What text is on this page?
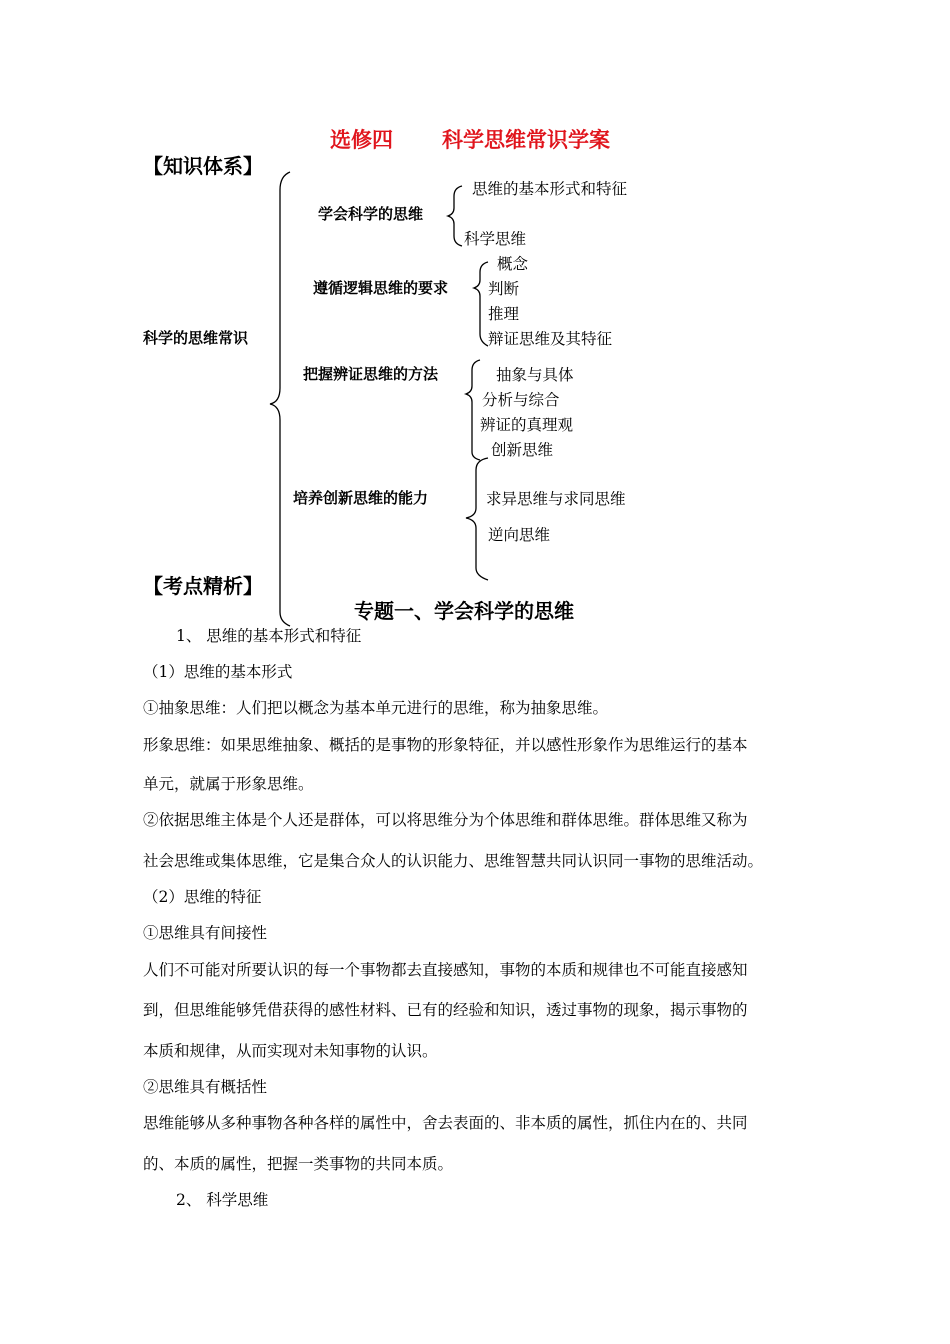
选修四 科学思维常识学案
【知识体系】
【考点精析】
科学的思维常识
学会科学的思维
思维的基本形式和特征
科学思维
遵循逻辑思维的要求
概念
判断
推理
辩证思维及其特征
把握辨证思维的方法	抽象与具体
分析与综合
辨证的真理观
创新思维
培养创新思维的能力	求异思维与求同思维
逆向思维
专题一、学会科学的思维
1、 思维的基本形式和特征
（1）思维的基本形式
①抽象思维：人们把以概念为基本单元进行的思维，称为抽象思维。
形象思维：如果思维抽象、概括的是事物的形象特征，并以感性形象作为思维运行的基本
单元，就属于形象思维。
②依据思维主体是个人还是群体，可以将思维分为个体思维和群体思维。群体思维又称为
社会思维或集体思维，它是集合众人的认识能力、思维智慧共同认识同一事物的思维活动。
（2）思维的特征
①思维具有间接性
人们不可能对所要认识的每一个事物都去直接感知，事物的本质和规律也不可能直接感知
到，但思维能够凭借获得的感性材料、已有的经验和知识，透过事物的现象，揭示事物的
本质和规律，从而实现对未知事物的认识。
②思维具有概括性
思维能够从多种事物各种各样的属性中，舍去表面的、非本质的属性，抓住内在的、共同
的、本质的属性，把握一类事物的共同本质。
2、 科学思维
